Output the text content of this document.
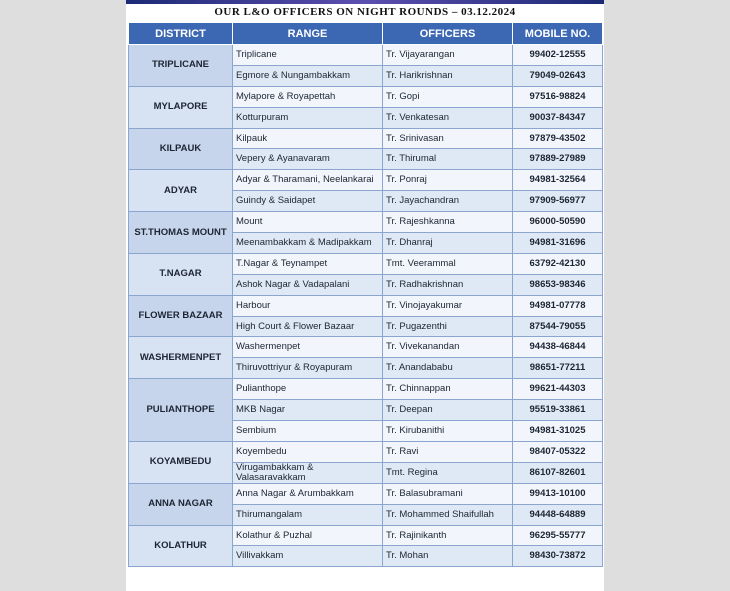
OUR L&O OFFICERS ON NIGHT ROUNDS – 03.12.2024
DISTRICT	RANGE	OFFICERS	MOBILE NO.
TRIPLICANE	Triplicane	Tr. Vijayarangan	99402-12555
	Egmore & Nungambakkam	Tr. Harikrishnan	79049-02643
MYLAPORE	Mylapore & Royapettah	Tr. Gopi	97516-98824
	Kotturpuram	Tr. Venkatesan	90037-84347
KILPAUK	Kilpauk	Tr. Srinivasan	97879-43502
	Vepery & Ayanavaram	Tr. Thirumal	97889-27989
ADYAR	Adyar & Tharamani, Neelankarai	Tr. Ponraj	94981-32564
	Guindy & Saidapet	Tr. Jayachandran	97909-56977
ST.THOMAS MOUNT	Mount	Tr. Rajeshkanna	96000-50590
	Meenambakkam & Madipakkam	Tr. Dhanraj	94981-31696
T.NAGAR	T.Nagar & Teynampet	Tmt. Veerammal	63792-42130
	Ashok Nagar & Vadapalani	Tr. Radhakrishnan	98653-98346
FLOWER BAZAAR	Harbour	Tr. Vinojayakumar	94981-07778
	High Court & Flower Bazaar	Tr. Pugazenthi	87544-79055
WASHERMENPET	Washermenpet	Tr. Vivekanandan	94438-46844
	Thiruvottriyur & Royapuram	Tr. Anandababu	98651-77211
PULIANTHOPE	Pulianthope	Tr. Chinnappan	99621-44303
	MKB Nagar	Tr. Deepan	95519-33861
	Sembium	Tr. Kirubanithi	94981-31025
KOYAMBEDU	Koyembedu	Tr. Ravi	98407-05322
	Virugambakkam & Valasaravakkam	Tmt. Regina	86107-82601
ANNA NAGAR	Anna Nagar & Arumbakkam	Tr. Balasubramani	99413-10100
	Thirumangalam	Tr. Mohammed Shaifullah	94448-64889
KOLATHUR	Kolathur & Puzhal	Tr. Rajinikanth	96295-55777
	Villivakkam	Tr. Mohan	98430-73872
